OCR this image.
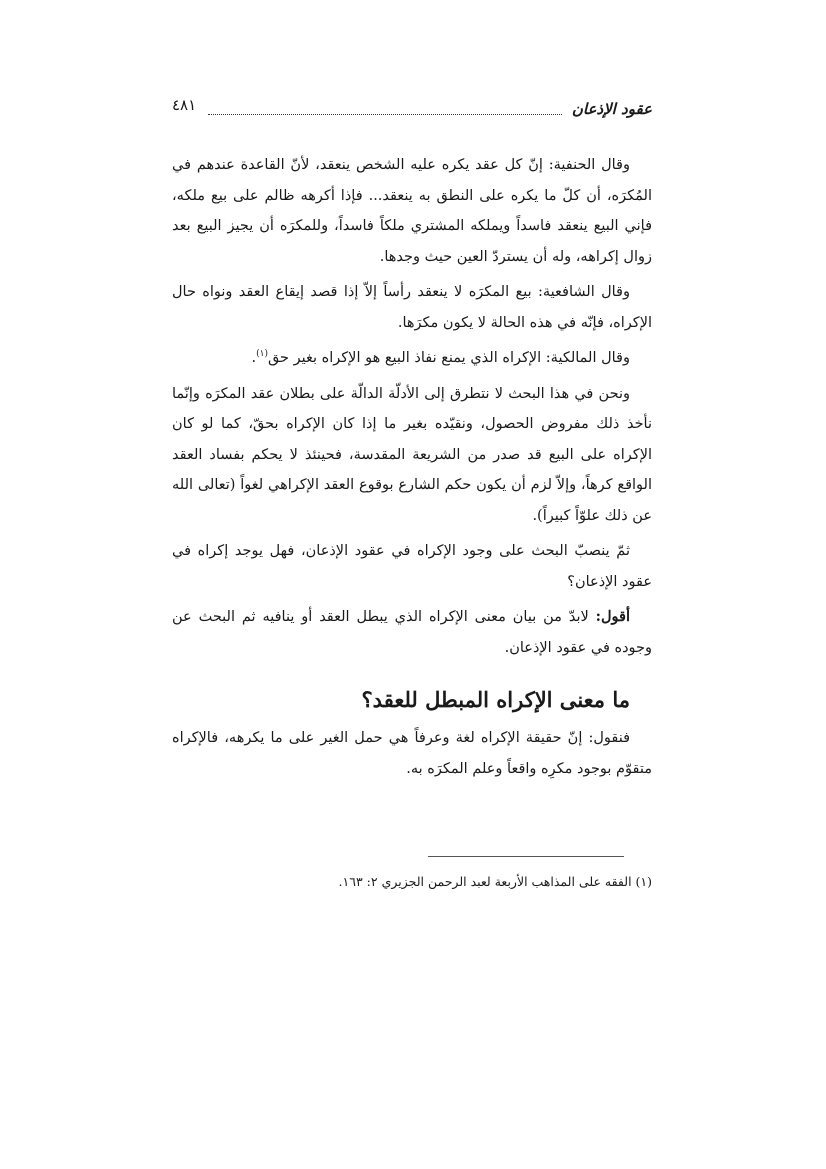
عقود الإذعان
٤٨١

وقال الحنفية: إنّ كل عقد يكره عليه الشخص ينعقد، لأنّ القاعدة عندهم في المُكرَه، أن كلّ ما يكره على النطق به ينعقد... فإذا أكرهه ظالم على بيع ملكه، فإني البيع ينعقد فاسداً ويملكه المشتري ملكاً فاسداً، وللمكرَه أن يجيز البيع بعد زوال إكراهه، وله أن يستردّ العين حيث وجدها.

وقال الشافعية: بيع المكرَه لا ينعقد رأساً إلاّ إذا قصد إيقاع العقد ونواه حال الإكراه، فإنّه في هذه الحالة لا يكون مكرَها.

وقال المالكية: الإكراه الذي يمنع نفاذ البيع هو الإكراه بغير حق$^{(١)}$.

ونحن في هذا البحث لا نتطرق إلى الأدلّة الدالّة على بطلان عقد المكرَه وإنّما نأخذ ذلك مفروض الحصول، ونقيّده بغير ما إذا كان الإكراه بحقّ، كما لو كان الإكراه على البيع قد صدر من الشريعة المقدسة، فحينئذ لا يحكم بفساد العقد الواقع كرهاً، وإلاّ لزم أن يكون حكم الشارع بوقوع العقد الإكراهي لغواً (تعالى الله عن ذلك علوّاً كبيراً).

ثمّ ينصبّ البحث على وجود الإكراه في عقود الإذعان، فهل يوجد إكراه في عقود الإذعان؟

أقول: لابدّ من بيان معنى الإكراه الذي يبطل العقد أو ينافيه ثم البحث عن وجوده في عقود الإذعان.

ما معنى الإكراه المبطل للعقد؟

فنقول: إنّ حقيقة الإكراه لغة وعرفاً هي حمل الغير على ما يكرهه، فالإكراه متقوّم بوجود مكرِه واقعاً وعلم المكرَه به.

(١) الفقه على المذاهب الأربعة لعبد الرحمن الجزيري ٢: ١٦٣.
